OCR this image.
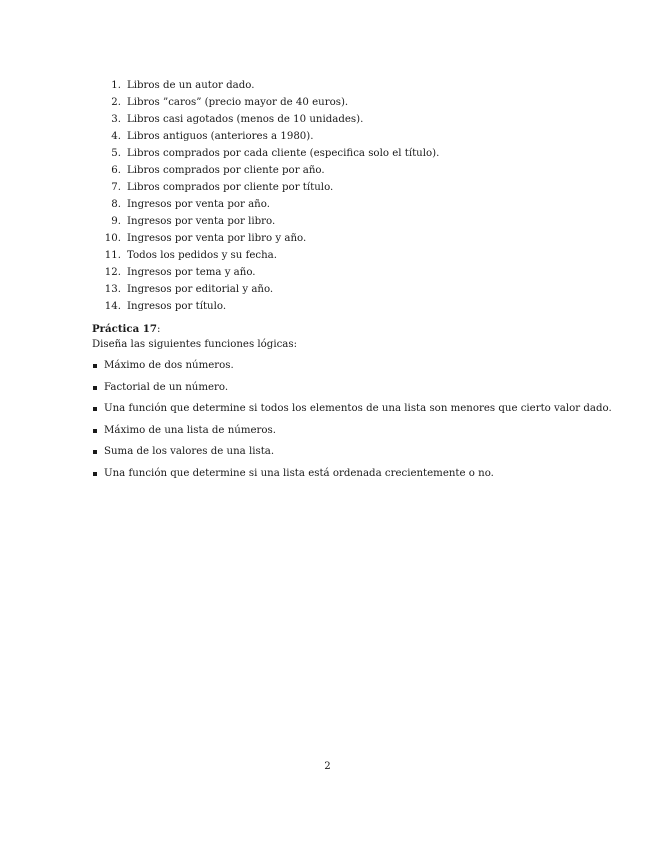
1. Libros de un autor dado.
2. Libros ”caros” (precio mayor de 40 euros).
3. Libros casi agotados (menos de 10 unidades).
4. Libros antiguos (anteriores a 1980).
5. Libros comprados por cada cliente (especifica solo el título).
6. Libros comprados por cliente por año.
7. Libros comprados por cliente por título.
8. Ingresos por venta por año.
9. Ingresos por venta por libro.
10. Ingresos por venta por libro y año.
11. Todos los pedidos y su fecha.
12. Ingresos por tema y año.
13. Ingresos por editorial y año.
14. Ingresos por título.
Práctica 17:
Diseña las siguientes funciones lógicas:
Máximo de dos números.
Factorial de un número.
Una función que determine si todos los elementos de una lista son menores que cierto valor dado.
Máximo de una lista de números.
Suma de los valores de una lista.
Una función que determine si una lista está ordenada crecientemente o no.
2
